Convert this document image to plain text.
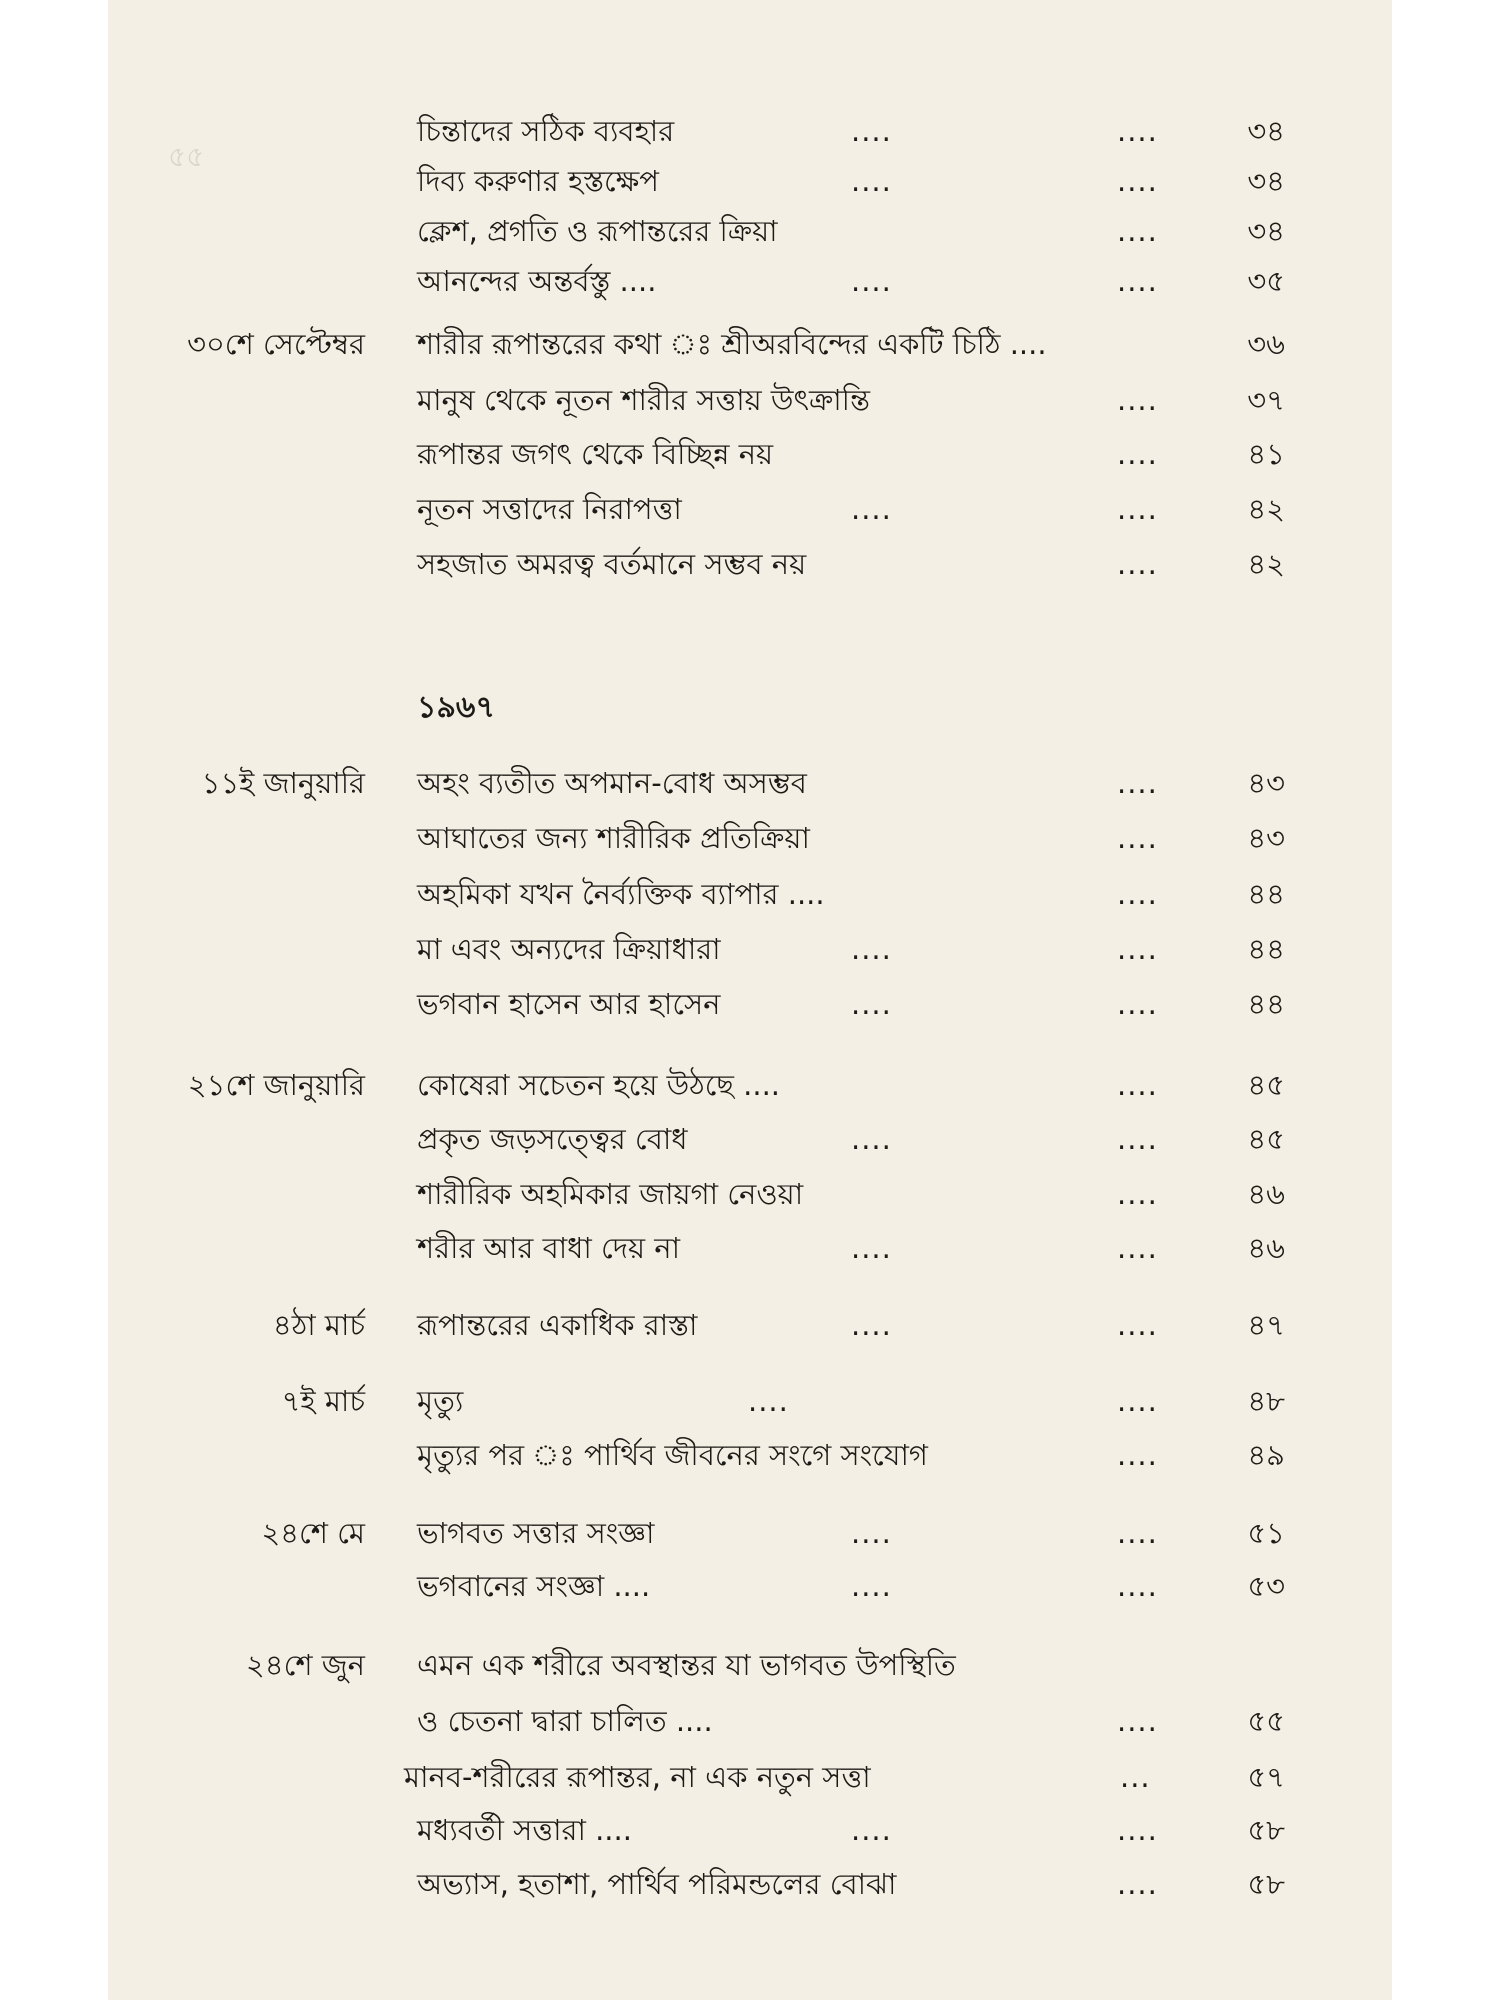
৫৫
চিন্তাদের সঠিক ব্যবহার	....	....	৩৪
দিব্য করুণার হস্তক্ষেপ	....	....	৩৪
ক্লেশ, প্রগতি ও রূপান্তরের ক্রিয়া	....	৩৪
আনন্দের অন্তর্বস্তু ....	....	....	৩৫
৩০শে সেপ্টেম্বর শারীর রূপান্তরের কথা ঃ শ্রীঅরবিন্দের একটি চিঠি ....	৩৬
মানুষ থেকে নূতন শারীর সত্তায় উৎক্রান্তি	....	৩৭
রূপান্তর জগৎ থেকে বিচ্ছিন্ন নয়	....	৪১
নূতন সত্তাদের নিরাপত্তা	....	....	৪২
সহজাত অমরত্ব বর্তমানে সম্ভব নয়	....	৪২
১৯৬৭
১১ই জানুয়ারি অহং ব্যতীত অপমান-বোধ অসম্ভব	....	৪৩
আঘাতের জন্য শারীরিক প্রতিক্রিয়া	....	৪৩
অহমিকা যখন নৈর্ব্যক্তিক ব্যাপার ....	....	৪৪
মা এবং অন্যদের ক্রিয়াধারা	....	....	৪৪
ভগবান হাসেন আর হাসেন	....	....	৪৪
২১শে জানুয়ারি কোষেরা সচেতন হয়ে উঠছে ....	....	৪৫
প্রকৃত জড়সত্ত্বের বোধ	....	....	৪৫
শারীরিক অহমিকার জায়গা নেওয়া	....	৪৬
শরীর আর বাধা দেয় না	....	....	৪৬
৪ঠা মার্চ রূপান্তরের একাধিক রাস্তা	....	....	৪৭
৭ই মার্চ মৃত্যু	....	....	৪৮
মৃত্যুর পর ঃ পার্থিব জীবনের সংগে সংযোগ	....	৪৯
২৪শে মে ভাগবত সত্তার সংজ্ঞা	....	....	৫১
ভগবানের সংজ্ঞা ....	....	....	৫৩
২৪শে জুন এমন এক শরীরে অবস্থান্তর যা ভাগবত উপস্থিতি
ও চেতনা দ্বারা চালিত ....	....	৫৫
মানব-শরীরের রূপান্তর, না এক নতুন সত্তা	...	৫৭
মধ্যবর্তী সত্তারা ....	....	....	৫৮
অভ্যাস, হতাশা, পার্থিব পরিমন্ডলের বোঝা	....	৫৮
